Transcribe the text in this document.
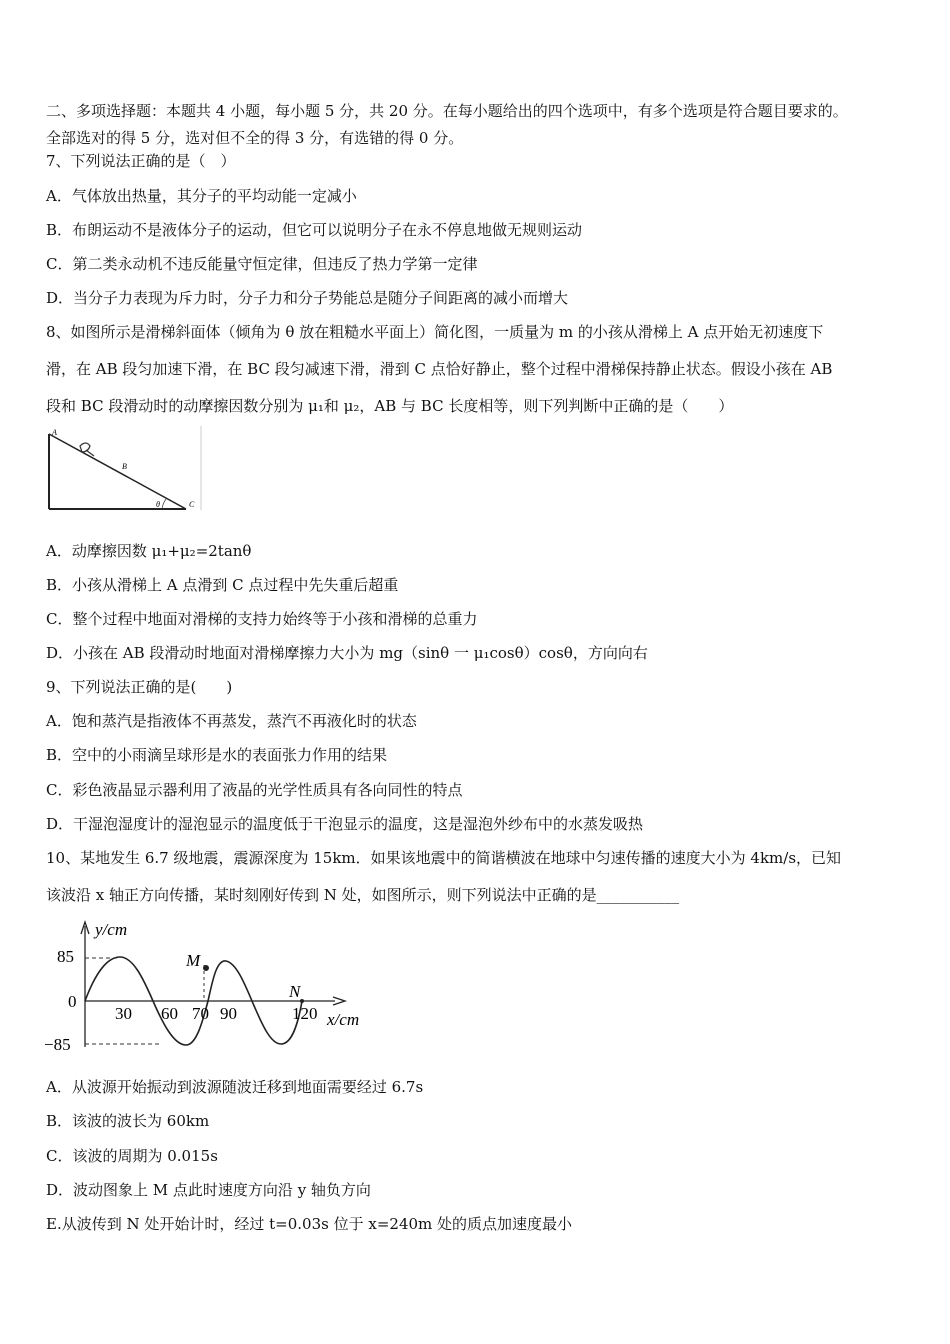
二、多项选择题：本题共 4 小题，每小题 5 分，共 20 分。在每小题给出的四个选项中，有多个选项是符合题目要求的。
全部选对的得 5 分，选对但不全的得 3 分，有选错的得 0 分。
7、下列说法正确的是（　）
A．气体放出热量，其分子的平均动能一定减小
B．布朗运动不是液体分子的运动，但它可以说明分子在永不停息地做无规则运动
C．第二类永动机不违反能量守恒定律，但违反了热力学第一定律
D．当分子力表现为斥力时，分子力和分子势能总是随分子间距离的减小而增大
8、如图所示是滑梯斜面体（倾角为 θ 放在粗糙水平面上）简化图，一质量为 m 的小孩从滑梯上 A 点开始无初速度下
滑，在 AB 段匀加速下滑，在 BC 段匀减速下滑，滑到 C 点恰好静止，整个过程中滑梯保持静止状态。假设小孩在 AB
段和 BC 段滑动时的动摩擦因数分别为 μ₁和 μ₂，AB 与 BC 长度相等，则下列判断中正确的是（　　）
A
B
C
θ
A．动摩擦因数 μ₁+μ₂=2tanθ
B．小孩从滑梯上 A 点滑到 C 点过程中先失重后超重
C．整个过程中地面对滑梯的支持力始终等于小孩和滑梯的总重力
D．小孩在 AB 段滑动时地面对滑梯摩擦力大小为 mg（sinθ 一 μ₁cosθ）cosθ，方向向右
9、下列说法正确的是(　　)
A．饱和蒸汽是指液体不再蒸发，蒸汽不再液化时的状态
B．空中的小雨滴呈球形是水的表面张力作用的结果
C．彩色液晶显示器利用了液晶的光学性质具有各向同性的特点
D．干湿泡湿度计的湿泡显示的温度低于干泡显示的温度，这是湿泡外纱布中的水蒸发吸热
10、某地发生 6.7 级地震，震源深度为 15km．如果该地震中的简谐横波在地球中匀速传播的速度大小为 4km/s，已知
该波沿 x 轴正方向传播，某时刻刚好传到 N 处，如图所示，则下列说法中正确的是___________
85
0
−85
y/cm
30 60 70 90	120 x/cm
M
N
A．从波源开始振动到波源随波迁移到地面需要经过 6.7s
B．该波的波长为 60km
C．该波的周期为 0.015s
D．波动图象上 M 点此时速度方向沿 y 轴负方向
E.从波传到 N 处开始计时，经过 t=0.03s 位于 x=240m 处的质点加速度最小
